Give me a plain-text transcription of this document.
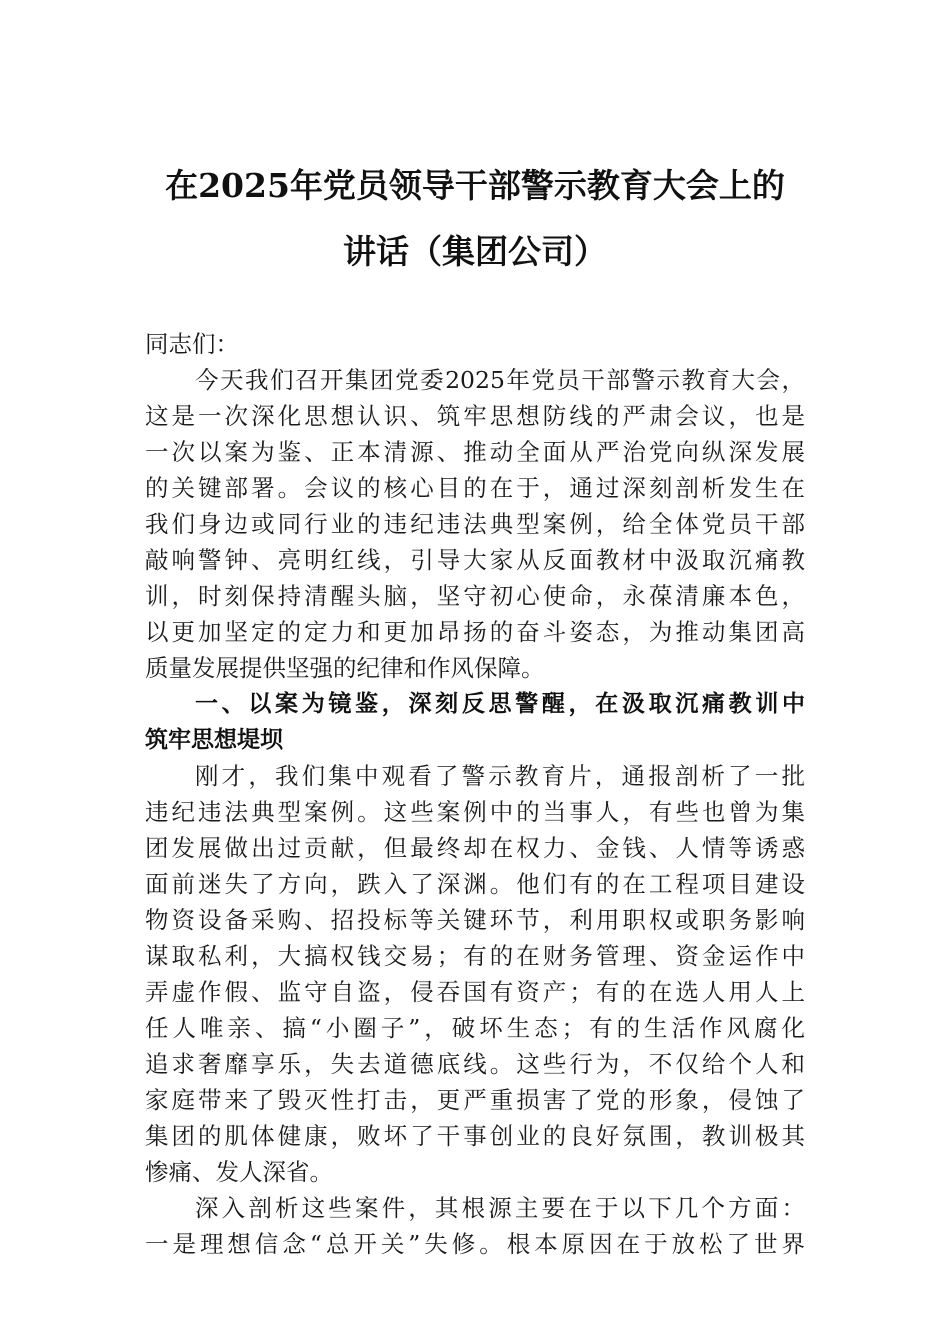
在2025年党员领导干部警示教育大会上的
讲话（集团公司）
同志们：
今天我们召开集团党委2025年党员干部警示教育大会，
这是一次深化思想认识、筑牢思想防线的严肃会议，也是
一次以案为鉴、正本清源、推动全面从严治党向纵深发展
的关键部署。会议的核心目的在于，通过深刻剖析发生在
我们身边或同行业的违纪违法典型案例，给全体党员干部
敲响警钟、亮明红线，引导大家从反面教材中汲取沉痛教
训，时刻保持清醒头脑，坚守初心使命，永葆清廉本色，
以更加坚定的定力和更加昂扬的奋斗姿态，为推动集团高
质量发展提供坚强的纪律和作风保障。
一、以案为镜鉴，深刻反思警醒，在汲取沉痛教训中
筑牢思想堤坝
刚才，我们集中观看了警示教育片，通报剖析了一批
违纪违法典型案例。这些案例中的当事人，有些也曾为集
团发展做出过贡献，但最终却在权力、金钱、人情等诱惑
面前迷失了方向，跌入了深渊。他们有的在工程项目建设
物资设备采购、招投标等关键环节，利用职权或职务影响
谋取私利，大搞权钱交易；有的在财务管理、资金运作中
弄虚作假、监守自盗，侵吞国有资产；有的在选人用人上
任人唯亲、搞“小圈子”，破坏生态；有的生活作风腐化
追求奢靡享乐，失去道德底线。这些行为，不仅给个人和
家庭带来了毁灭性打击，更严重损害了党的形象，侵蚀了
集团的肌体健康，败坏了干事创业的良好氛围，教训极其
惨痛、发人深省。
深入剖析这些案件，其根源主要在于以下几个方面：
一是理想信念“总开关”失修。根本原因在于放松了世界
